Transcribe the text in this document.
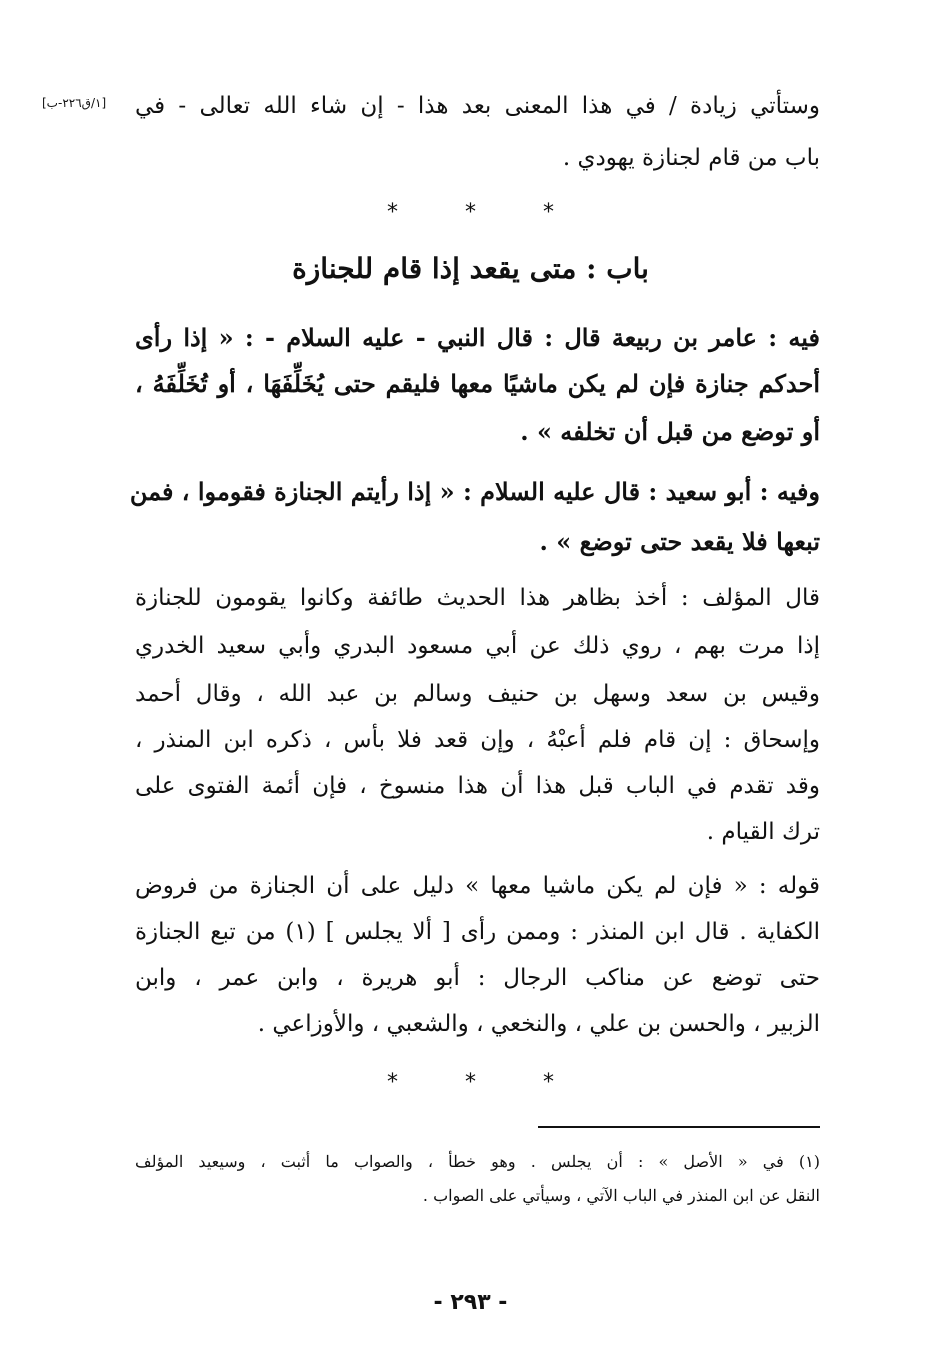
وستأتي زيادة / في هذا المعنى بعد هذا - إن شاء الله تعالى - في
[١/ق٢٢٦-ب]
باب من قام لجنازة يهودي .
*	*	*
باب : متى يقعد إذا قام للجنازة
فيه : عامر بن ربيعة قال : قال النبي - عليه السلام - : « إذا رأى
أحدكم جنازة فإن لم يكن ماشيًا معها فليقم حتى يُخَلِّفَهَا ، أو تُخَلِّفَهُ ،
أو توضع من قبل أن تخلفه » .
وفيه : أبو سعيد : قال عليه السلام : « إذا رأيتم الجنازة فقوموا ، فمن
تبعها فلا يقعد حتى توضع » .
قال المؤلف : أخذ بظاهر هذا الحديث طائفة وكانوا يقومون للجنازة
إذا مرت بهم ، روي ذلك عن أبي مسعود البدري وأبي سعيد الخدري
وقيس بن سعد وسهل بن حنيف وسالم بن عبد الله ، وقال أحمد
وإسحاق : إن قام فلم أعبْهُ ، وإن قعد فلا بأس ، ذكره ابن المنذر ،
وقد تقدم في الباب قبل هذا أن هذا منسوخ ، فإن أئمة الفتوى على
ترك القيام .
قوله : « فإن لم يكن ماشيا معها » دليل على أن الجنازة من فروض
الكفاية . قال ابن المنذر : وممن رأى [ ألا يجلس ] (١) من تبع الجنازة
حتى توضع عن مناكب الرجال : أبو هريرة ، وابن عمر ، وابن
الزبير ، والحسن بن علي ، والنخعي ، والشعبي ، والأوزاعي .
*	*	*
(١) في « الأصل » : أن يجلس . وهو خطأ ، والصواب ما أثبت ، وسيعيد المؤلف
النقل عن ابن المنذر في الباب الآتي ، وسيأتي على الصواب .
- ٢٩٣ -
